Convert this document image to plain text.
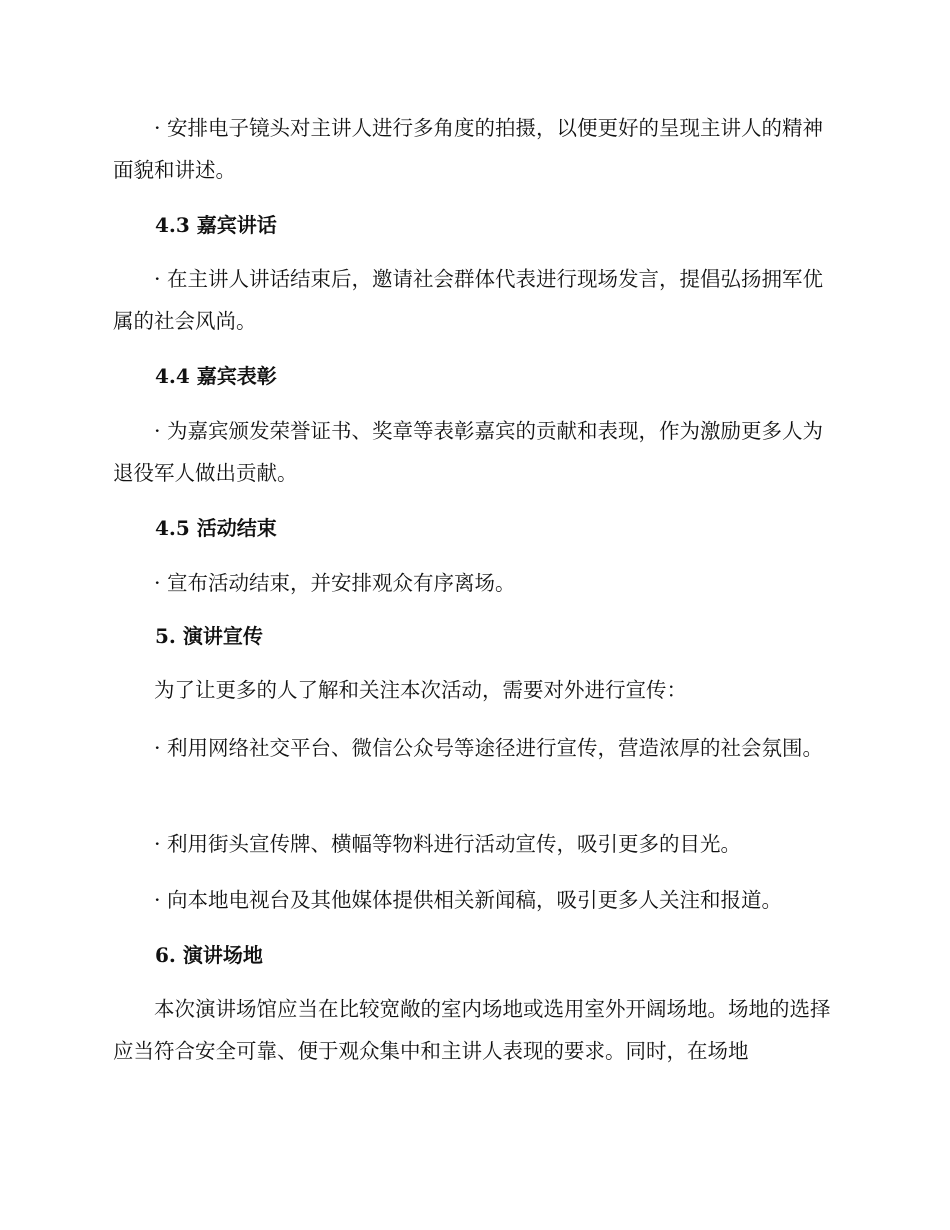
· 安排电子镜头对主讲人进行多角度的拍摄，以便更好的呈现主讲人的精神面貌和讲述。

4.3 嘉宾讲话

· 在主讲人讲话结束后，邀请社会群体代表进行现场发言，提倡弘扬拥军优属的社会风尚。

4.4 嘉宾表彰

· 为嘉宾颁发荣誉证书、奖章等表彰嘉宾的贡献和表现，作为激励更多人为退役军人做出贡献。

4.5 活动结束

· 宣布活动结束，并安排观众有序离场。

5. 演讲宣传

为了让更多的人了解和关注本次活动，需要对外进行宣传：

· 利用网络社交平台、微信公众号等途径进行宣传，营造浓厚的社会氛围。

· 利用街头宣传牌、横幅等物料进行活动宣传，吸引更多的目光。

· 向本地电视台及其他媒体提供相关新闻稿，吸引更多人关注和报道。

6. 演讲场地

本次演讲场馆应当在比较宽敞的室内场地或选用室外开阔场地。场地的选择应当符合安全可靠、便于观众集中和主讲人表现的要求。同时，在场地
